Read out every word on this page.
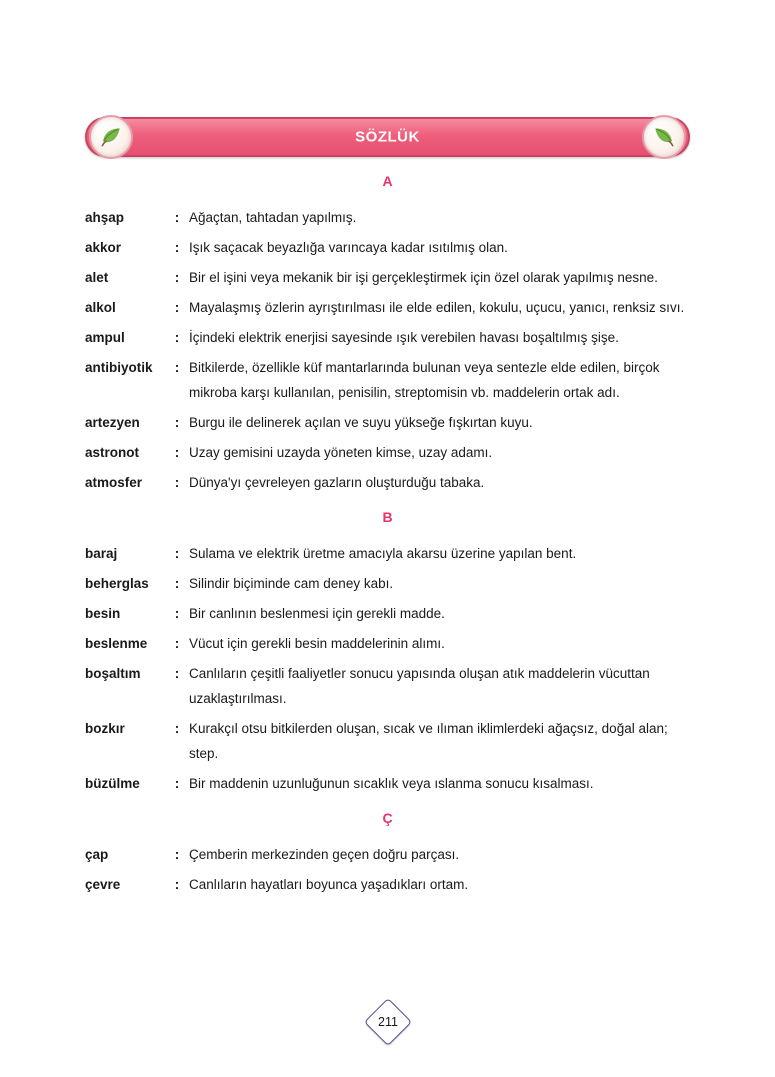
SÖZLÜK
A
ahşap	: Ağaçtan, tahtadan yapılmış.
akkor	: Işık saçacak beyazlığa varıncaya kadar ısıtılmış olan.
alet	: Bir el işini veya mekanik bir işi gerçekleştirmek için özel olarak yapılmış nesne.
alkol	: Mayalaşmış özlerin ayrıştırılması ile elde edilen, kokulu, uçucu, yanıcı, renksiz sıvı.
ampul	: İçindeki elektrik enerjisi sayesinde ışık verebilen havası boşaltılmış şişe.
antibiyotik	: Bitkilerde, özellikle küf mantarlarında bulunan veya sentezle elde edilen, birçok mikroba karşı kullanılan, penisilin, streptomisin vb. maddelerin ortak adı.
artezyen	: Burgu ile delinerek açılan ve suyu yükseğe fışkırtan kuyu.
astronot	: Uzay gemisini uzayda yöneten kimse, uzay adamı.
atmosfer	: Dünya'yı çevreleyen gazların oluşturduğu tabaka.
B
baraj	: Sulama ve elektrik üretme amacıyla akarsu üzerine yapılan bent.
beherglas	: Silindir biçiminde cam deney kabı.
besin	: Bir canlının beslenmesi için gerekli madde.
beslenme	: Vücut için gerekli besin maddelerinin alımı.
boşaltım	: Canlıların çeşitli faaliyetler sonucu yapısında oluşan atık maddelerin vücuttan uzaklaştırılması.
bozkır	: Kurakçıl otsu bitkilerden oluşan, sıcak ve ılıman iklimlerdeki ağaçsız, doğal alan; step.
büzülme	: Bir maddenin uzunluğunun sıcaklık veya ıslanma sonucu kısalması.
Ç
çap	: Çemberin merkezinden geçen doğru parçası.
çevre	: Canlıların hayatları boyunca yaşadıkları ortam.
211
